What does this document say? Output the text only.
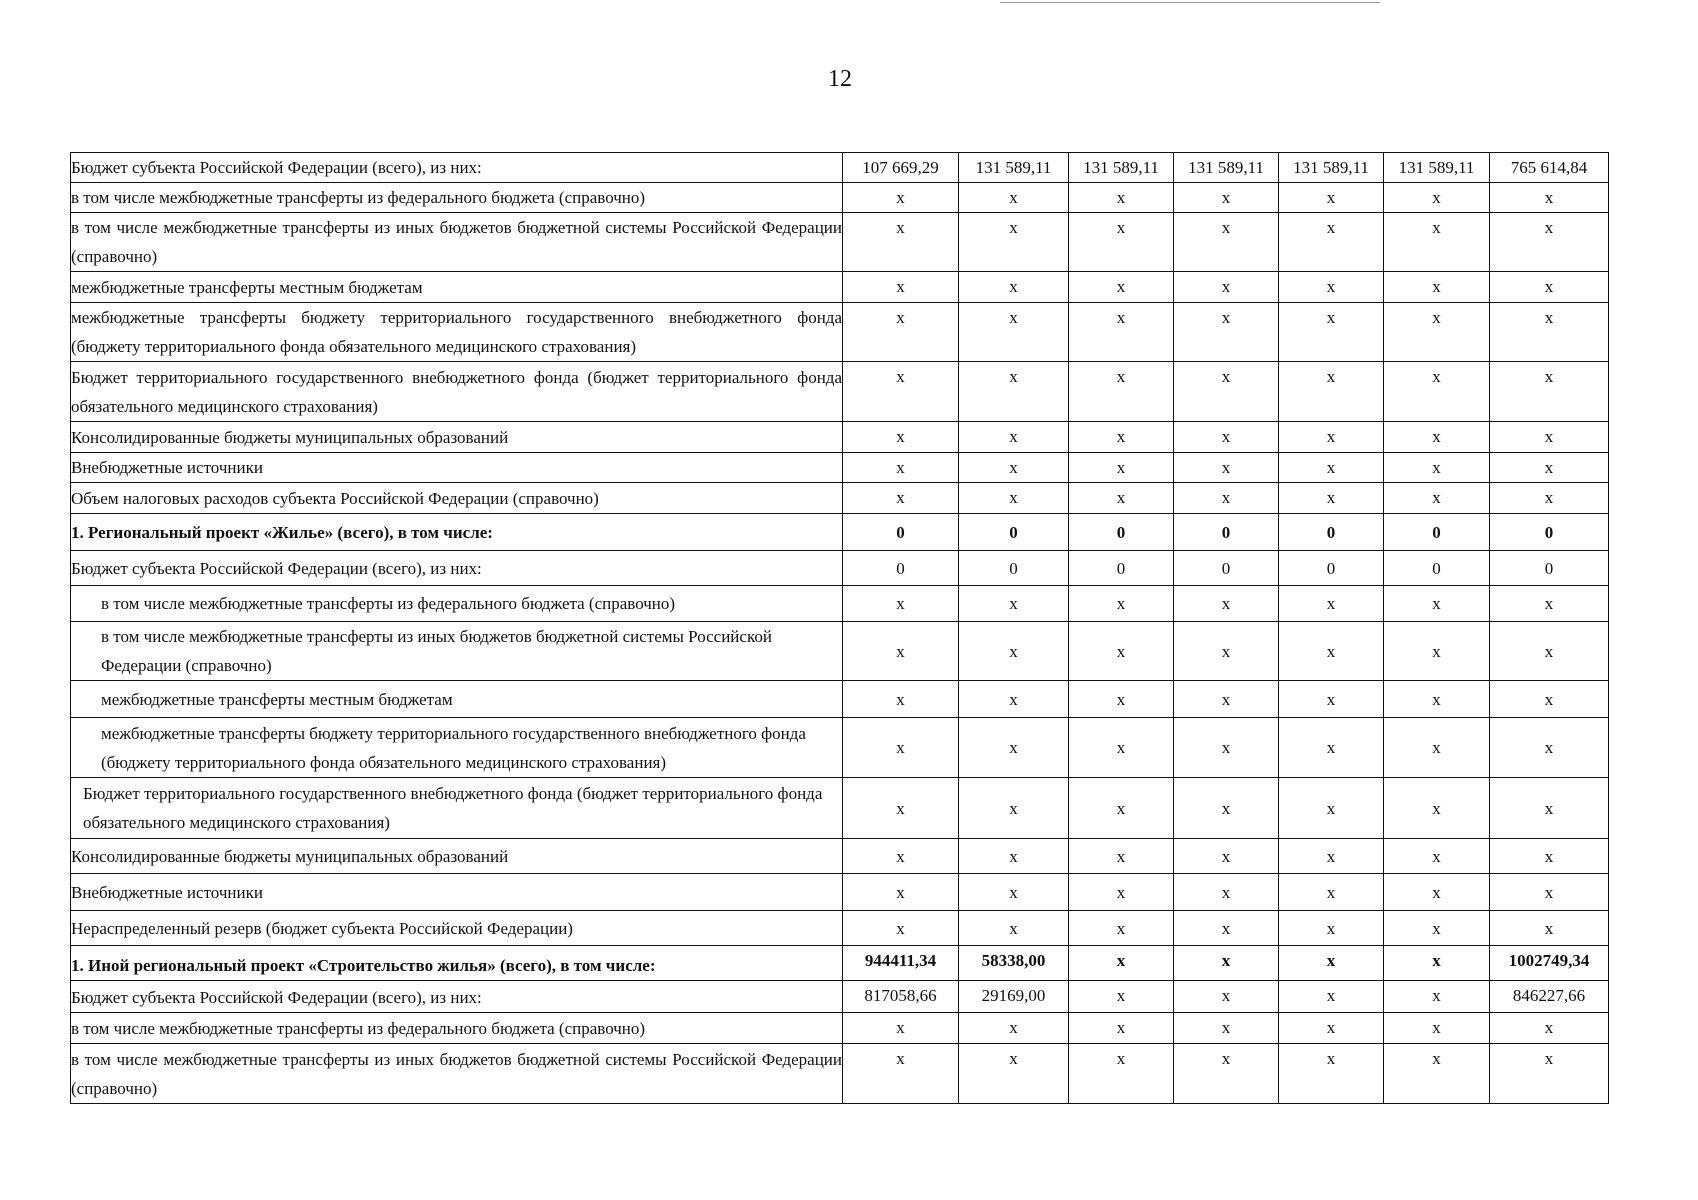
12
Бюджет субъекта Российской Федерации (всего), из них:	107 669,29	131 589,11	131 589,11	131 589,11	131 589,11	131 589,11	765 614,84
в том числе межбюджетные трансферты из федерального бюджета (справочно)	x	x	x	x	x	x	x
в том числе межбюджетные трансферты из иных бюджетов бюджетной системы Российской Федерации (справочно)	x	x	x	x	x	x	x
межбюджетные трансферты местным бюджетам	x	x	x	x	x	x	x
межбюджетные трансферты бюджету территориального государственного внебюджетного фонда (бюджету территориального фонда обязательного медицинского страхования)	x	x	x	x	x	x	x
Бюджет территориального государственного внебюджетного фонда (бюджет территориального фонда обязательного медицинского страхования)	x	x	x	x	x	x	x
Консолидированные бюджеты муниципальных образований	x	x	x	x	x	x	x
Внебюджетные источники	x	x	x	x	x	x	x
Объем налоговых расходов субъекта Российской Федерации (справочно)	x	x	x	x	x	x	x
1. Региональный проект «Жилье» (всего), в том числе:	0	0	0	0	0	0	0
Бюджет субъекта Российской Федерации (всего), из них:	0	0	0	0	0	0	0
в том числе межбюджетные трансферты из федерального бюджета (справочно)	x	x	x	x	x	x	x
в том числе межбюджетные трансферты из иных бюджетов бюджетной системы Российской Федерации (справочно)	x	x	x	x	x	x	x
межбюджетные трансферты местным бюджетам	x	x	x	x	x	x	x
межбюджетные трансферты бюджету территориального государственного внебюджетного фонда (бюджету территориального фонда обязательного медицинского страхования)	x	x	x	x	x	x	x
Бюджет территориального государственного внебюджетного фонда (бюджет территориального фонда обязательного медицинского страхования)	x	x	x	x	x	x	x
Консолидированные бюджеты муниципальных образований	x	x	x	x	x	x	x
Внебюджетные источники	x	x	x	x	x	x	x
Нераспределенный резерв (бюджет субъекта Российской Федерации)	x	x	x	x	x	x	x
1. Иной региональный проект «Строительство жилья» (всего), в том числе:	944411,34	58338,00	x	x	x	x	1002749,34
Бюджет субъекта Российской Федерации (всего), из них:	817058,66	29169,00	x	x	x	x	846227,66
в том числе межбюджетные трансферты из федерального бюджета (справочно)	x	x	x	x	x	x	x
в том числе межбюджетные трансферты из иных бюджетов бюджетной системы Российской Федерации (справочно)	x	x	x	x	x	x	x
